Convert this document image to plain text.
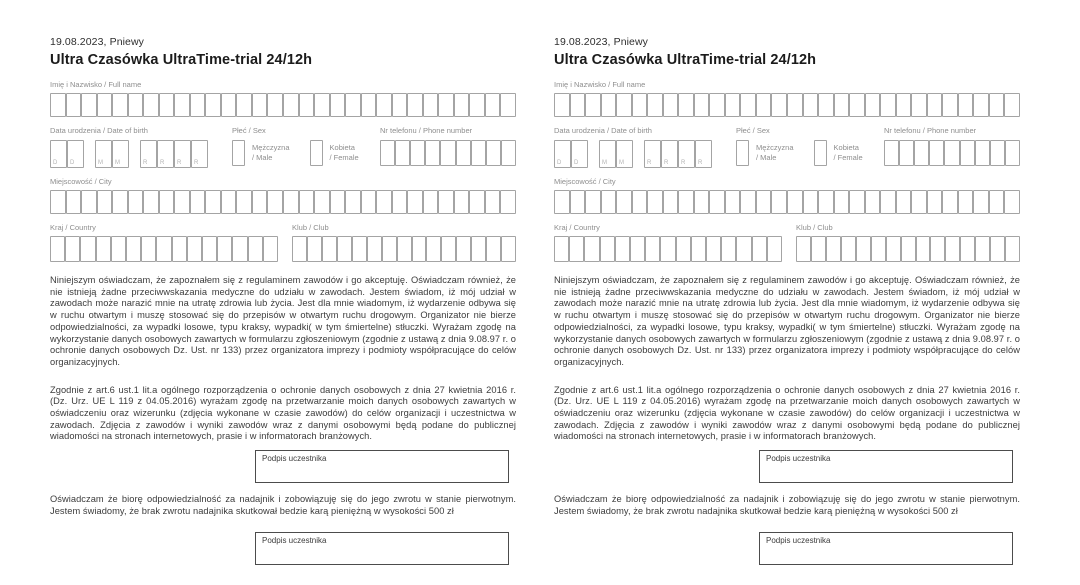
19.08.2023, Pniewy
Ultra Czasówka UltraTime-trial 24/12h
Imię i Nazwisko / Full name
Data urodzenia / Date of birth
D D	M M	R R R R
Płeć / Sex
Mężczyzna
/ Male
Kobieta
/ Female
Nr telefonu / Phone number
Miejscowość / City
Kraj / Country	Klub / Club
Niniejszym oświadczam, że zapoznałem się z regulaminem zawodów i go akceptuję. Oświadczam również, że nie istnieją żadne przeciwwskazania medyczne do udziału w zawodach. Jestem świadom, iż mój udział w zawodach może narazić mnie na utratę zdrowia lub życia. Jest dla mnie wiadomym, iż wydarzenie odbywa się w ruchu otwartym i muszę stosować się do przepisów w otwartym ruchu drogowym. Organizator nie bierze odpowiedzialności, za wypadki losowe, typu kraksy, wypadki( w tym śmiertelne) stłuczki. Wyrażam zgodę na wykorzystanie danych osobowych zawartych w formularzu zgłoszeniowym (zgodnie z ustawą z dnia 9.08.97 r. o ochronie danych osobowych Dz. Ust. nr 133) przez organizatora imprezy i podmioty współpracujące do celów organizacyjnych.
Zgodnie z art.6 ust.1 lit.a ogólnego rozporządzenia o ochronie danych osobowych z dnia 27 kwietnia 2016 r. (Dz. Urz. UE L 119 z 04.05.2016) wyrażam zgodę na przetwarzanie moich danych osobowych zawartych w oświadczeniu oraz wizerunku (zdjęcia wykonane w czasie zawodów) do celów organizacji i uczestnictwa w zawodach. Zdjęcia z zawodów i wyniki zawodów wraz z danymi osobowymi będą podane do publicznej wiadomości na stronach internetowych, prasie i w informatorach branżowych.
Podpis uczestnika
Oświadczam że biorę odpowiedzialność za nadajnik i zobowiązuję się do jego zwrotu w stanie pierwotnym. Jestem świadomy, że brak zwrotu nadajnika skutkował bedzie karą pieniężną w wysokości 500 zł
Podpis uczestnika
19.08.2023, Pniewy
Ultra Czasówka UltraTime-trial 24/12h
Imię i Nazwisko / Full name
Data urodzenia / Date of birth
D D	M M	R R R R
Płeć / Sex
Mężczyzna
/ Male
Kobieta
/ Female
Nr telefonu / Phone number
Miejscowość / City
Kraj / Country	Klub / Club
Niniejszym oświadczam, że zapoznałem się z regulaminem zawodów i go akceptuję. Oświadczam również, że nie istnieją żadne przeciwwskazania medyczne do udziału w zawodach. Jestem świadom, iż mój udział w zawodach może narazić mnie na utratę zdrowia lub życia. Jest dla mnie wiadomym, iż wydarzenie odbywa się w ruchu otwartym i muszę stosować się do przepisów w otwartym ruchu drogowym. Organizator nie bierze odpowiedzialności, za wypadki losowe, typu kraksy, wypadki( w tym śmiertelne) stłuczki. Wyrażam zgodę na wykorzystanie danych osobowych zawartych w formularzu zgłoszeniowym (zgodnie z ustawą z dnia 9.08.97 r. o ochronie danych osobowych Dz. Ust. nr 133) przez organizatora imprezy i podmioty współpracujące do celów organizacyjnych.
Zgodnie z art.6 ust.1 lit.a ogólnego rozporządzenia o ochronie danych osobowych z dnia 27 kwietnia 2016 r. (Dz. Urz. UE L 119 z 04.05.2016) wyrażam zgodę na przetwarzanie moich danych osobowych zawartych w oświadczeniu oraz wizerunku (zdjęcia wykonane w czasie zawodów) do celów organizacji i uczestnictwa w zawodach. Zdjęcia z zawodów i wyniki zawodów wraz z danymi osobowymi będą podane do publicznej wiadomości na stronach internetowych, prasie i w informatorach branżowych.
Podpis uczestnika
Oświadczam że biorę odpowiedzialność za nadajnik i zobowiązuję się do jego zwrotu w stanie pierwotnym. Jestem świadomy, że brak zwrotu nadajnika skutkował bedzie karą pieniężną w wysokości 500 zł
Podpis uczestnika
